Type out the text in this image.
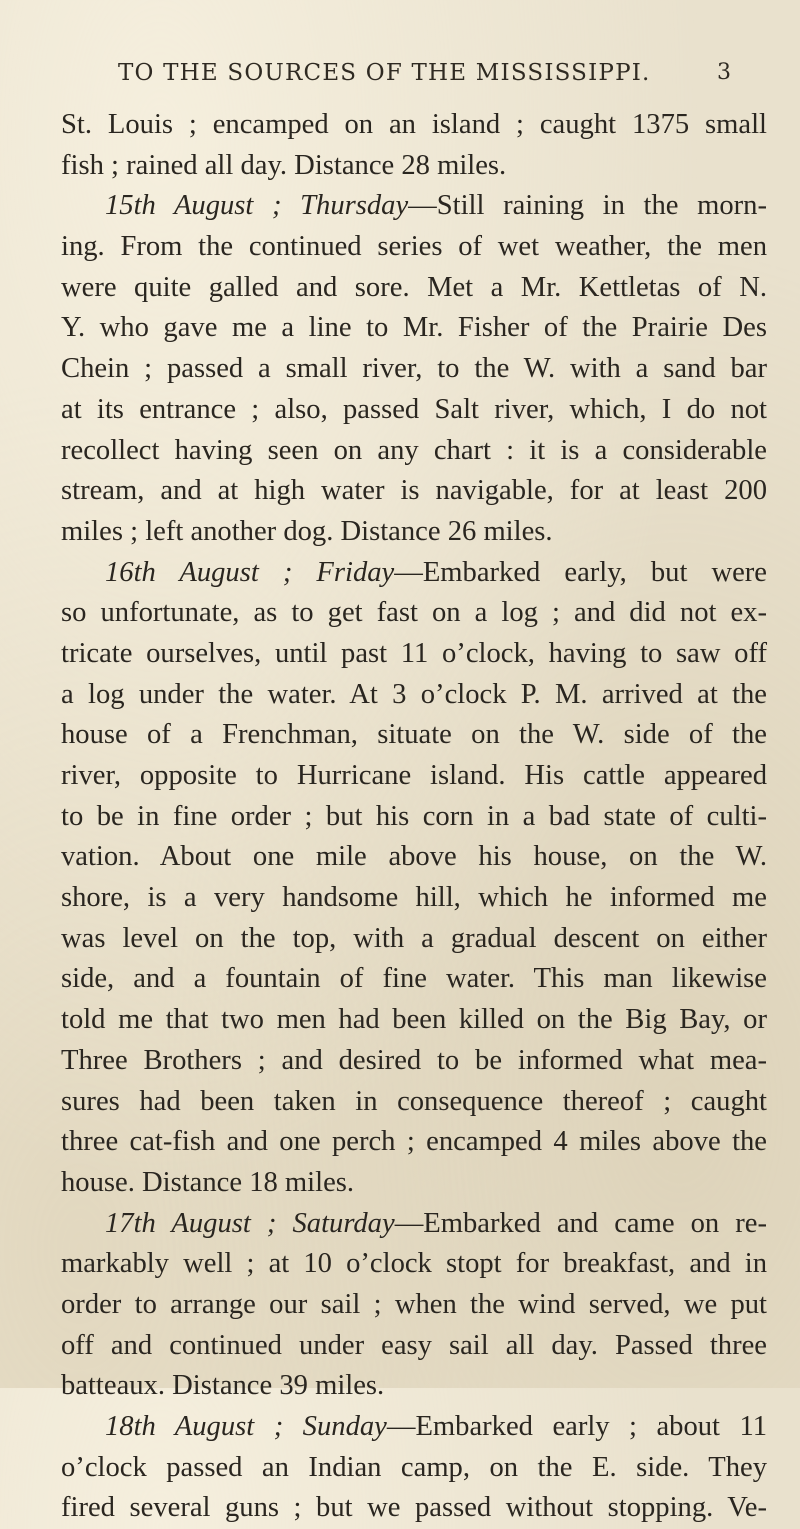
TO THE SOURCES OF THE MISSISSIPPI.	3
St. Louis ; encamped on an island ; caught 1375 small
fish ; rained all day. Distance 28 miles.
15th August ; Thursday—Still raining in the morn-
ing. From the continued series of wet weather, the men
were quite galled and sore. Met a Mr. Kettletas of N.
Y. who gave me a line to Mr. Fisher of the Prairie Des
Chein ; passed a small river, to the W. with a sand bar
at its entrance ; also, passed Salt river, which, I do not
recollect having seen on any chart : it is a considerable
stream, and at high water is navigable, for at least 200
miles ; left another dog. Distance 26 miles.
16th August ; Friday—Embarked early, but were
so unfortunate, as to get fast on a log ; and did not ex-
tricate ourselves, until past 11 o’clock, having to saw off
a log under the water. At 3 o’clock P. M. arrived at the
house of a Frenchman, situate on the W. side of the
river, opposite to Hurricane island. His cattle appeared
to be in fine order ; but his corn in a bad state of culti-
vation. About one mile above his house, on the W.
shore, is a very handsome hill, which he informed me
was level on the top, with a gradual descent on either
side, and a fountain of fine water. This man likewise
told me that two men had been killed on the Big Bay, or
Three Brothers ; and desired to be informed what mea-
sures had been taken in consequence thereof ; caught
three cat-fish and one perch ; encamped 4 miles above the
house. Distance 18 miles.
17th August ; Saturday—Embarked and came on re-
markably well ; at 10 o’clock stopt for breakfast, and in
order to arrange our sail ; when the wind served, we put
off and continued under easy sail all day. Passed three
batteaux. Distance 39 miles.
18th August ; Sunday—Embarked early ; about 11
o’clock passed an Indian camp, on the E. side. They
fired several guns ; but we passed without stopping. Ve-
